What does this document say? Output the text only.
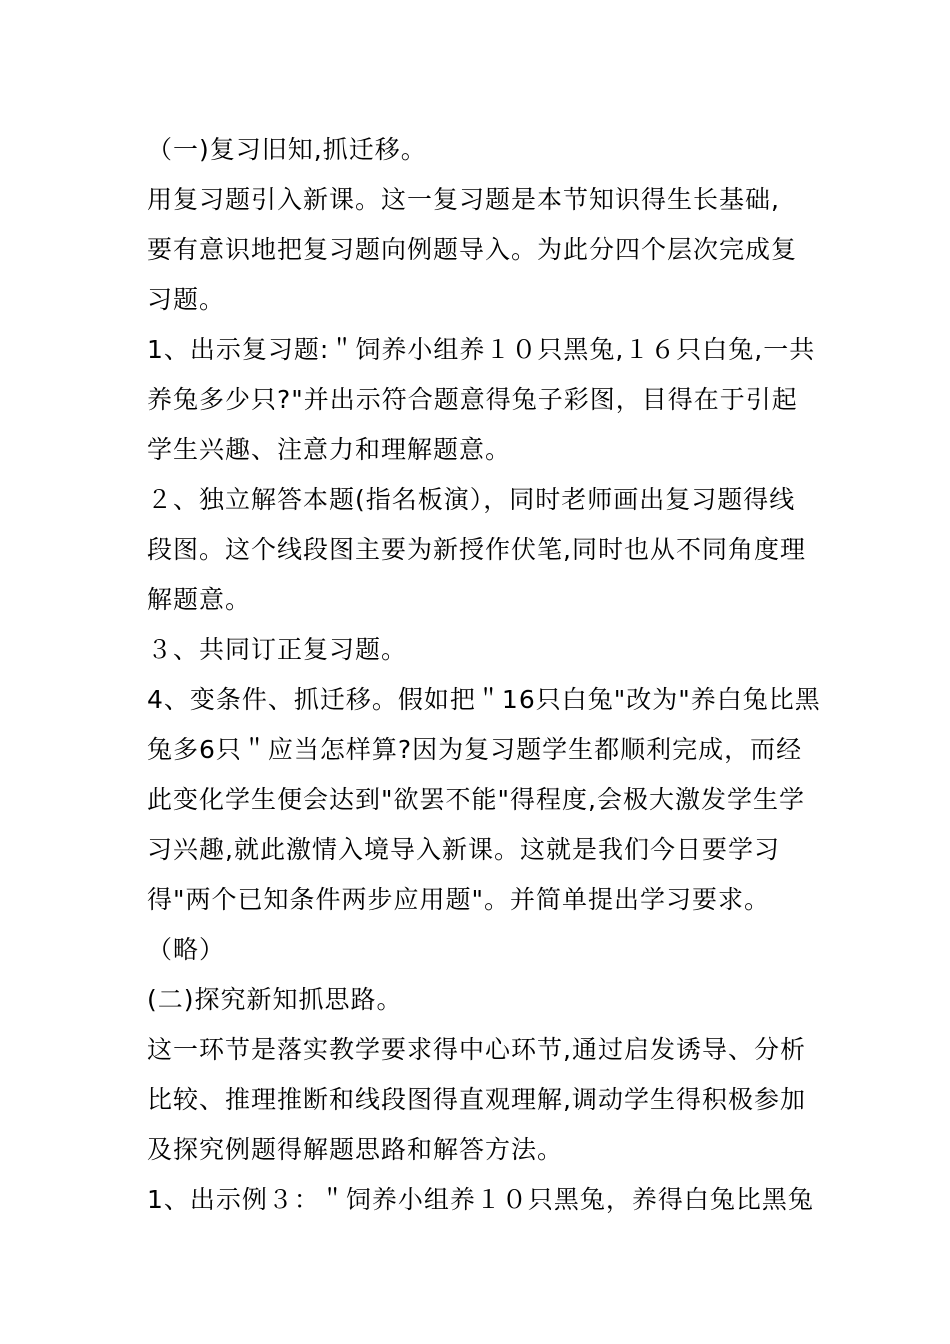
（一)复习旧知,抓迁移。

用复习题引入新课。这一复习题是本节知识得生长基础,

要有意识地把复习题向例题导入。为此分四个层次完成复

习题。

1、出示复习题:＂饲养小组养１０只黑兔,１６只白兔,一共

养兔多少只?"并出示符合题意得兔子彩图，目得在于引起

学生兴趣、注意力和理解题意。

２、独立解答本题(指名板演），同时老师画出复习题得线

段图。这个线段图主要为新授作伏笔,同时也从不同角度理

解题意。

３、共同订正复习题。

4、变条件、抓迁移。假如把＂16只白兔"改为"养白兔比黑

兔多6只＂应当怎样算?因为复习题学生都顺利完成，而经

此变化学生便会达到"欲罢不能"得程度,会极大激发学生学

习兴趣,就此激情入境导入新课。这就是我们今日要学习

得"两个已知条件两步应用题"。并简单提出学习要求。

（略）

(二)探究新知抓思路。

这一环节是落实教学要求得中心环节,通过启发诱导、分析

比较、推理推断和线段图得直观理解,调动学生得积极参加

及探究例题得解题思路和解答方法。

1、出示例３：＂饲养小组养１０只黑兔，养得白兔比黑兔
